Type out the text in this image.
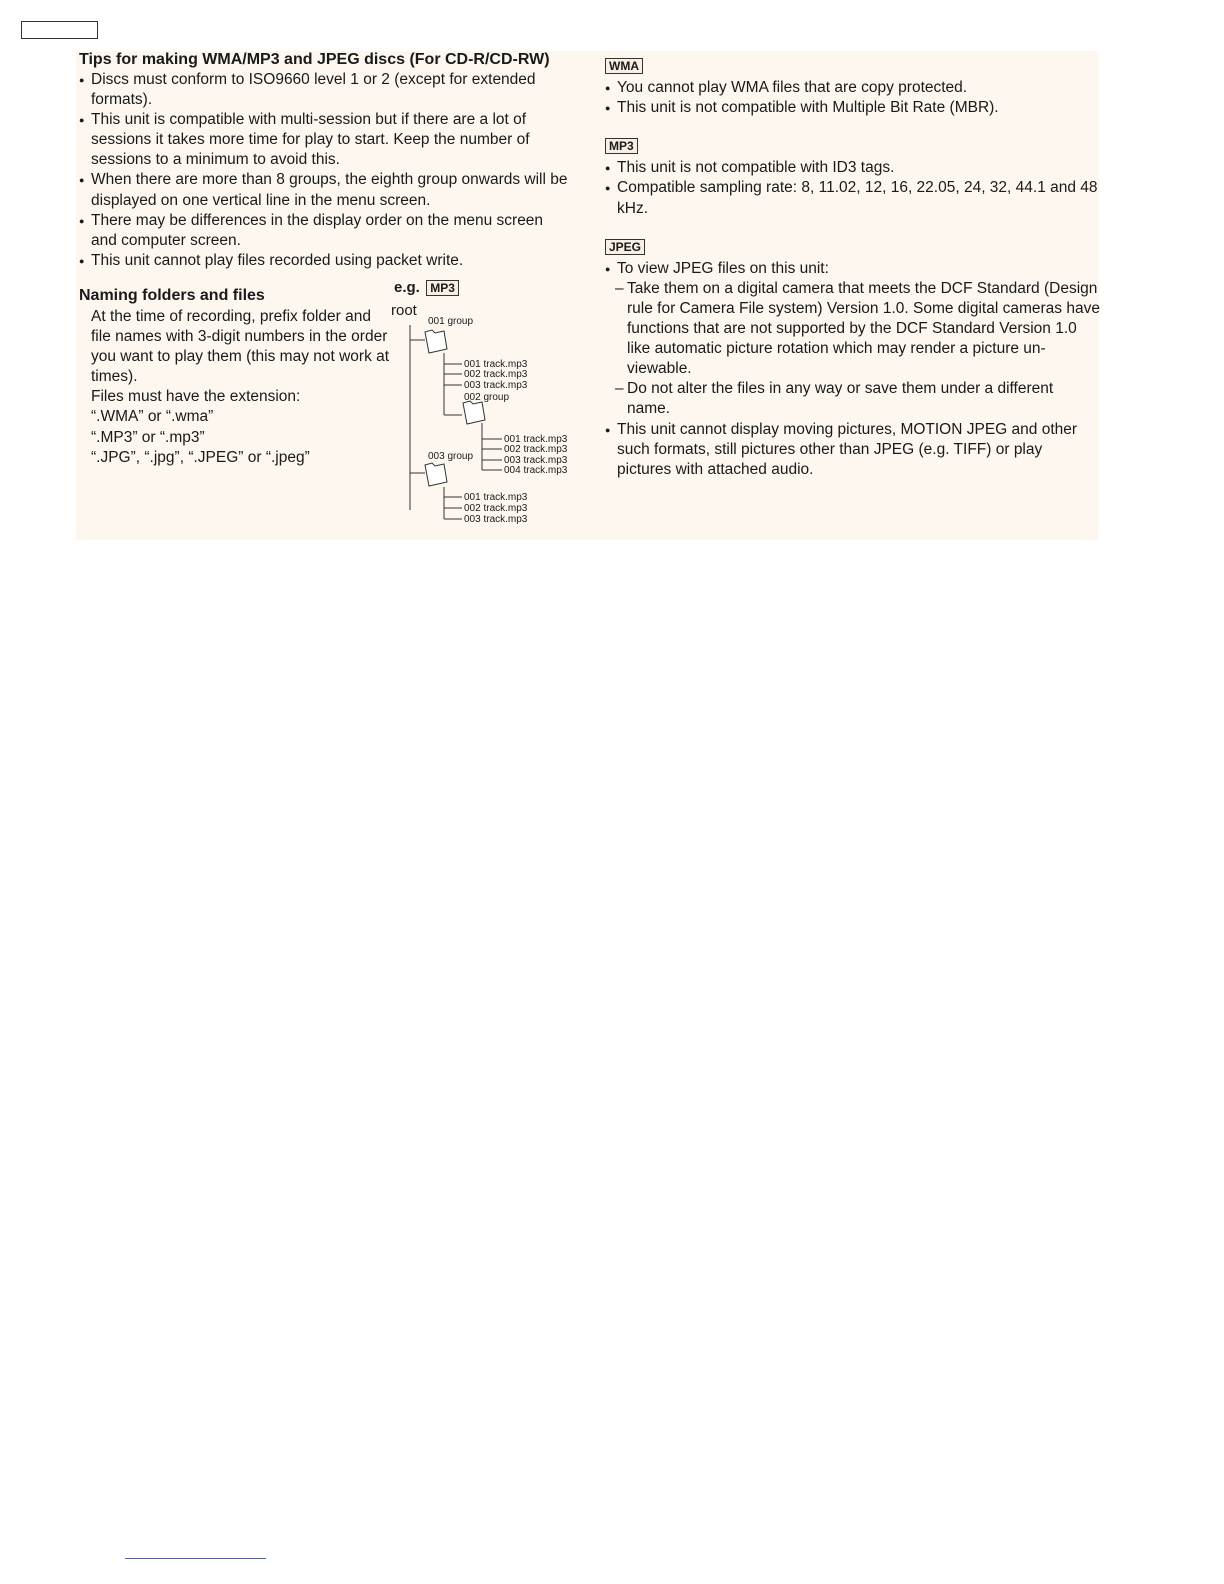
Tips for making WMA/MP3 and JPEG discs (For CD-R/CD-RW)
● Discs must conform to ISO9660 level 1 or 2 (except for extended formats).
● This unit is compatible with multi-session but if there are a lot of sessions it takes more time for play to start. Keep the number of sessions to a minimum to avoid this.
● When there are more than 8 groups, the eighth group onwards will be displayed on one vertical line in the menu screen.
● There may be differences in the display order on the menu screen and computer screen.
● This unit cannot play files recorded using packet write.
Naming folders and files
At the time of recording, prefix folder and file names with 3-digit numbers in the order you want to play them (this may not work at times).
Files must have the extension:
“.WMA” or “.wma”
“.MP3” or “.mp3”
“.JPG”, “.jpg”, “.JPEG” or “.jpeg”
e.g. MP3
root
001 group
001 track.mp3
002 track.mp3
003 track.mp3
002 group
001 track.mp3
002 track.mp3
003 track.mp3
004 track.mp3
003 group
001 track.mp3
002 track.mp3
003 track.mp3
WMA
● You cannot play WMA files that are copy protected.
● This unit is not compatible with Multiple Bit Rate (MBR).
MP3
● This unit is not compatible with ID3 tags.
● Compatible sampling rate: 8, 11.02, 12, 16, 22.05, 24, 32, 44.1 and 48 kHz.
JPEG
● To view JPEG files on this unit:
– Take them on a digital camera that meets the DCF Standard (Design rule for Camera File system) Version 1.0. Some digital cameras have functions that are not supported by the DCF Standard Version 1.0 like automatic picture rotation which may render a picture un-viewable.
– Do not alter the files in any way or save them under a different name.
● This unit cannot display moving pictures, MOTION JPEG and other such formats, still pictures other than JPEG (e.g. TIFF) or play pictures with attached audio.
